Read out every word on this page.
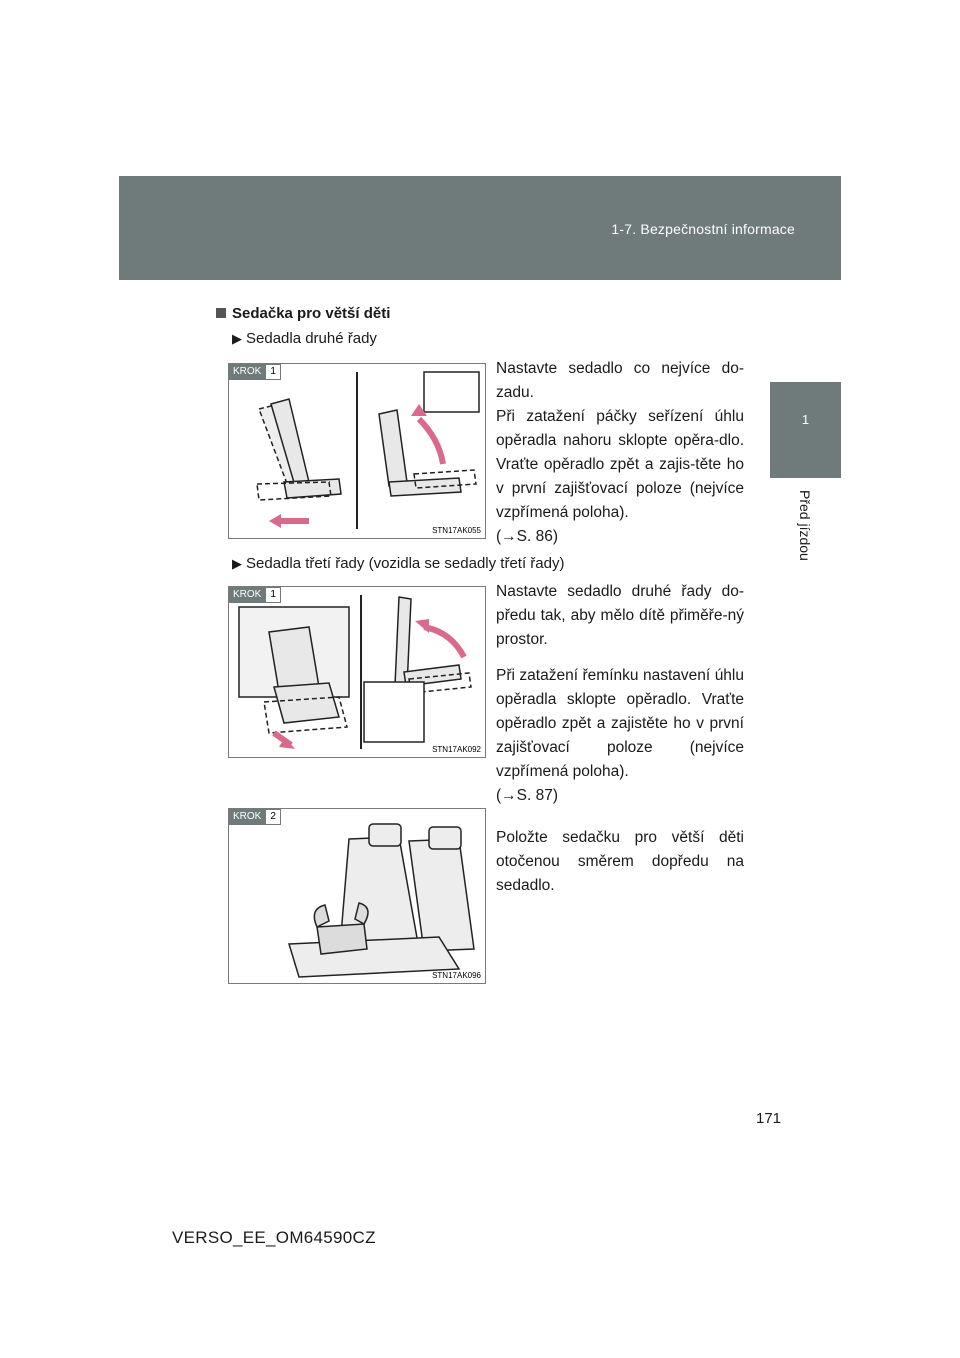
1-7. Bezpečnostní informace
1
Před jízdou
Sedačka pro větší děti
▶ Sedadla druhé řady
KROK 1
STN17AK055

Nastavte sedadlo co nejvíce do-zadu.

Při zatažení páčky seřízení úhlu opěradla nahoru sklopte opěra-dlo. Vraťte opěradlo zpět a zajis-těte ho v první zajišťovací poloze (nejvíce vzpřímená poloha).

(→S. 86)

▶ Sedadla třetí řady (vozidla se sedadly třetí řady)
KROK 1
STN17AK092

Nastavte sedadlo druhé řady do-předu tak, aby mělo dítě přiměře-ný prostor.

Při zatažení řemínku nastavení úhlu opěradla sklopte opěradlo. Vraťte opěradlo zpět a zajistěte ho v první zajišťovací poloze (nejvíce vzpřímená poloha).

(→S. 87)

KROK 2
STN17AK096

Položte sedačku pro větší děti otočenou směrem dopředu na sedadlo.

171
VERSO_EE_OM64590CZ
